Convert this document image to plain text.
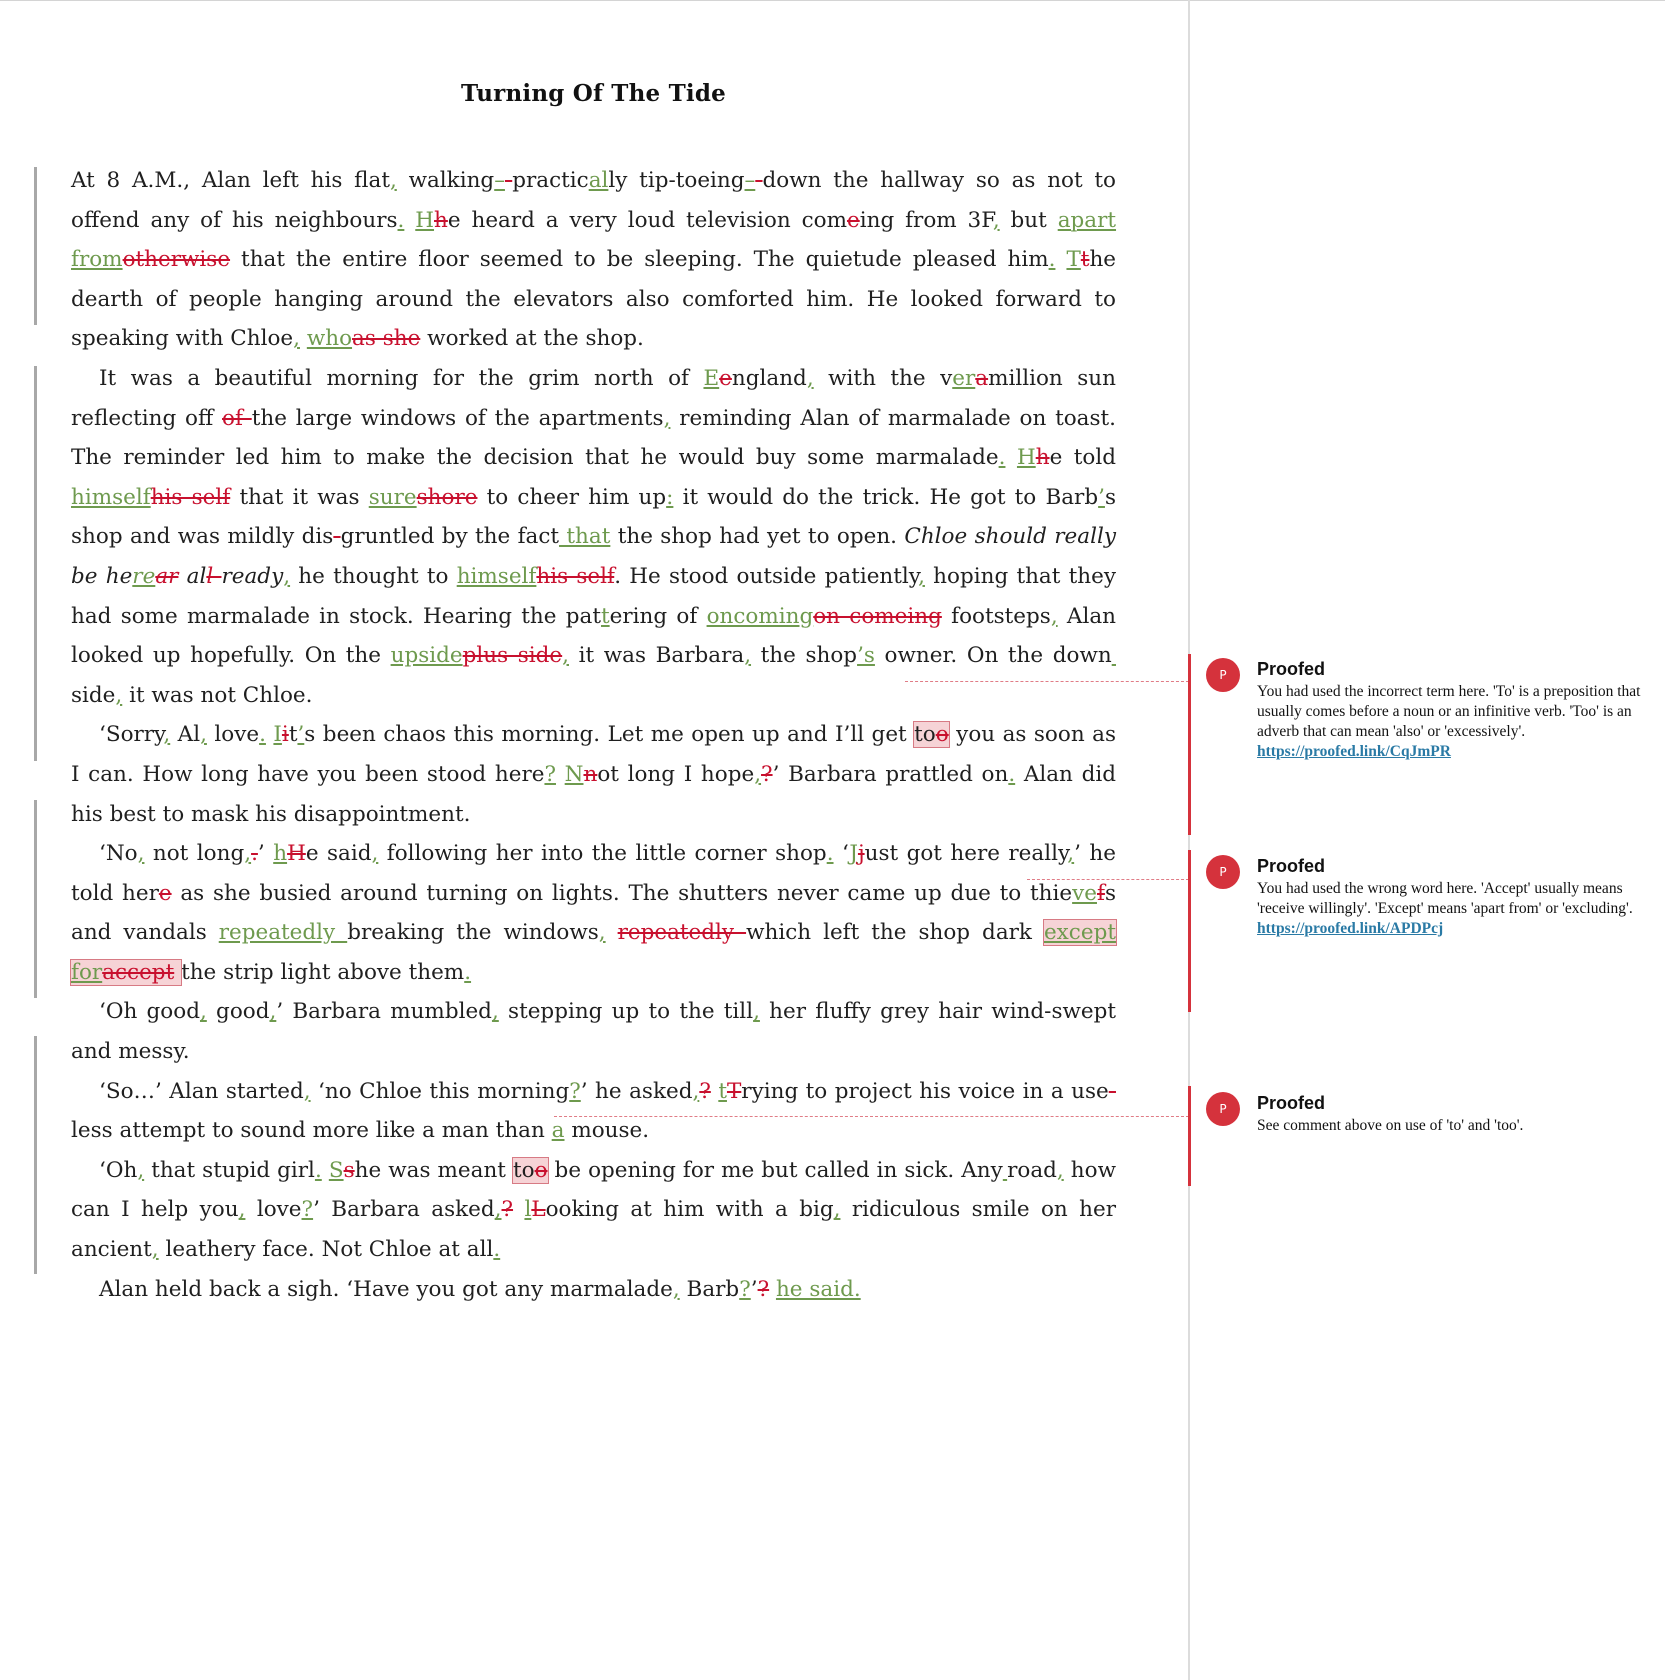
Turning Of The Tide

At 8 A.M., Alan left his flat, walking–-practically tip-toeing–-down the hallway so as not to ofend any of his neighbours. Hhe heard a very loud television comeing from 3F, but apart fromotherwise that the entire floor seemed to be sleeping. The quietude pleased him. Tthe dearth of people hanging around the elevators also comforted him. He looked forward to speaking with Chloe, whoas she worked at the shop.

It was a beautiful morning for the grim north of Eengland, with the veramillion sun reflecting off of the large windows of the apartments, reminding Alan of marmalade on toast. The reminder led him to make the decision that he would buy some marmalade. Hhe told himselfhis self that it was sureshore to cheer him up: it would do the trick. He got to Barb’s shop and was mildly dis-gruntled by the fact that the shop had yet to open. Chloe should really be herear all ready, he thought to himselfhis self. He stood outside patiently, hoping that they had some marmalade in stock. Hearing the pattering of oncomingon comeing footsteps, Alan looked up hopefully. On the upsideplus side, it was Barbara, the shop’s owner. On the down side, it was not Chloe.

‘Sorry, Al, love. Iit’s been chaos this morning. Let me open up and I’ll get too you as soon as I can. How long have you been stood here? Nnot long I hope,?’ Barbara prattled on. Alan did his best to mask his disappointment.

‘No, not long,.’ hHe said, following her into the little corner shop. ‘Jjust got here really,’ he told here as she busied around turning on lights. The shutters never came up due to thievefs and vandals repeatedly breaking the windows, repeatedly which left the shop dark except foraccept the strip light above them.

‘Oh good, good,’ Barbara mumbled, stepping up to the till, her fluffy grey hair wind-swept and messy.

‘So…’ Alan started, ‘no Chloe this morning?’ he asked,? tTrying to project his voice in a use-less attempt to sound more like a man than a mouse.

‘Oh, that stupid girl. Sshe was meant too be opening for me but called in sick. Any  road, how can I help you, love?’ Barbara asked,? lLooking at him with a big, ridiculous smile on her ancient, leathery face. Not Chloe at all.

Alan held back a sigh. ‘Have you got any marmalade, Barb?’? he said.

P	Proofed
You had used the incorrect term here. 'To' is a preposition that usually comes before a noun or an infinitive verb. 'Too' is an adverb that can mean 'also' or 'excessively'.
https://proofed.link/CqJmPR
P	Proofed
You had used the wrong word here. 'Accept' usually means 'receive willingly'. 'Except' means 'apart from' or 'excluding'.
https://proofed.link/APDPcj
P	Proofed
See comment above on use of 'to' and 'too'.
